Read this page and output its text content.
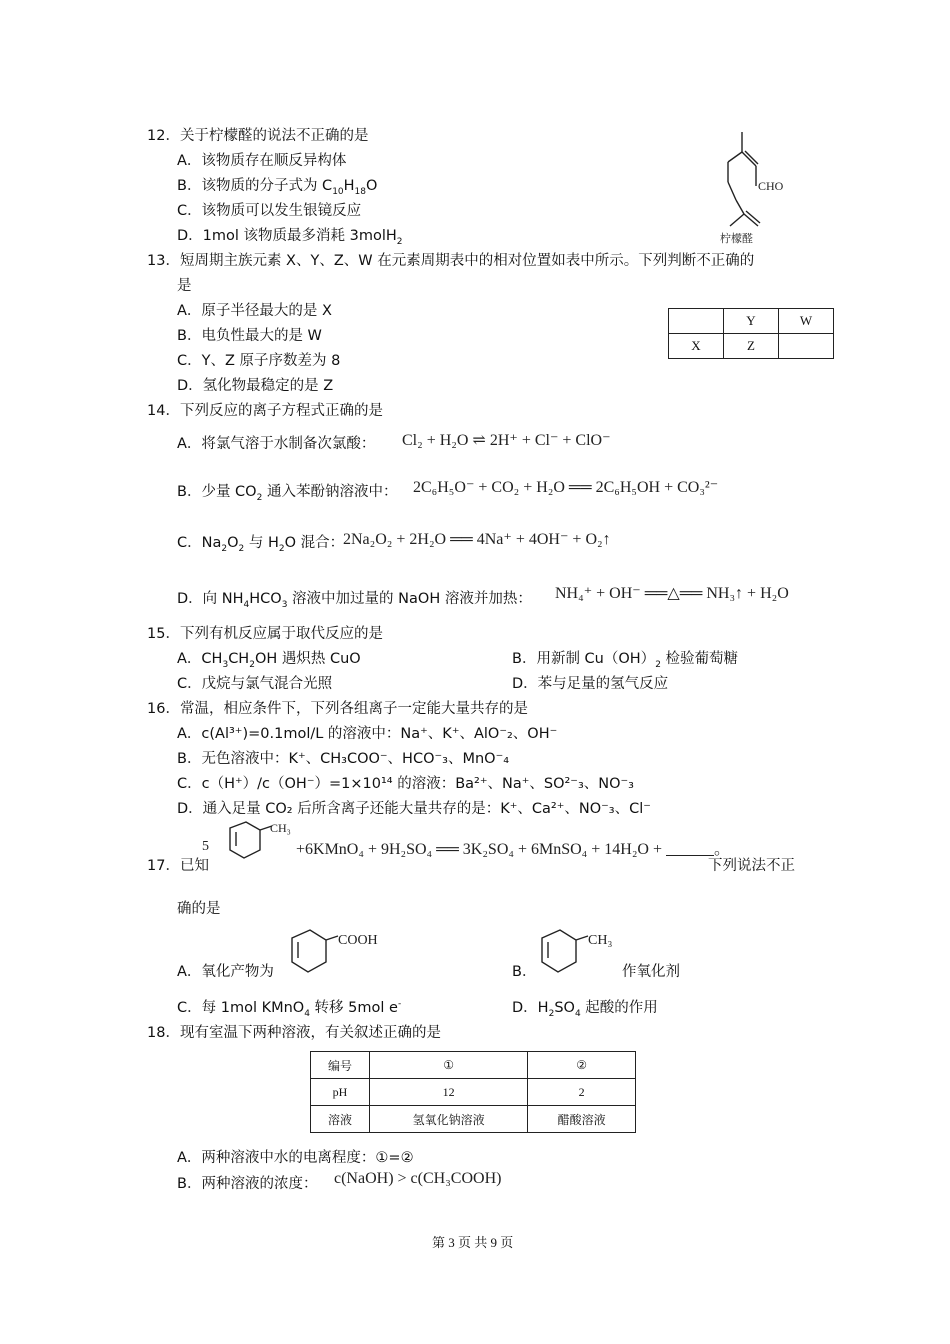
12．关于柠檬醛的说法不正确的是
A．该物质存在顺反异构体
B．该物质的分子式为 $C_{10}H_{18}O$
C．该物质可以发生银镜反应
D．1mol 该物质最多消耗 3molH$_2$
CHO
柠檬醛
13．短周期主族元素 X、Y、Z、W 在元素周期表中的相对位置如表中所示。下列判断不正确的
是
A．原子半径最大的是 X
B．电负性最大的是 W
C．Y、Z 原子序数差为 8
D．氢化物最稳定的是 Z
	Y	W
X	Z	
14．下列反应的离子方程式正确的是
A．将氯气溶于水制备次氯酸： Cl₂ + H₂O ⇌ 2H⁺ + Cl⁻ + ClO⁻
B．少量 $CO_2$ 通入苯酚钠溶液中： 2C₆H₅O⁻ + CO₂ + H₂O ══ 2C₆H₅OH + CO₃²⁻
C．$Na_2O_2$ 与 $H_2O$ 混合：
2Na₂O₂ + 2H₂O ══ 4Na⁺ + 4OH⁻ + O₂↑
D．向 $NH_4HCO_3$ 溶液中加过量的 NaOH 溶液并加热： NH₄⁺ + OH⁻ ══△══ NH₃↑ + H₂O
15．下列有机反应属于取代反应的是
A．$CH_3CH_2OH$ 遇炽热 CuO	B．用新制 $Cu(OH)_2$ 检验葡萄糖
C．戊烷与氯气混合光照	D．苯与足量的氢气反应
16．常温，相应条件下，下列各组离子一定能大量共存的是
A．c(Al³⁺)=0.1mol/L 的溶液中：Na⁺、K⁺、AlO⁻₂、OH⁻
B．无色溶液中：K⁺、CH₃COO⁻、HCO⁻₃、MnO⁻₄
C．c（H⁺）/c（OH⁻）=1×10¹⁴ 的溶液：Ba²⁺、Na⁺、SO²⁻₃、NO⁻₃
D．通入足量 CO₂ 后所含离子还能大量共存的是：K⁺、Ca²⁺、NO⁻₃、Cl⁻
17．已知
5
CH₃
+6KMnO₄ + 9H₂SO₄ ══ 3K₂SO₄ + 6MnSO₄ + 14H₂O +	。
下列说法不正
确的是
A．氧化产物为
COOH
B．
CH₃
作氧化剂
C．每 1mol KMnO$_4$ 转移 5mol e-	D．$H_2SO_4$ 起酸的作用
18．现有室温下两种溶液，有关叙述正确的是
编号	①	②
pH	12	2
溶液	氢氧化钠溶液	醋酸溶液
A．两种溶液中水的电离程度：①=②
B．两种溶液的浓度： c(NaOH) > c(CH₃COOH)
第 3 页 共 9 页
